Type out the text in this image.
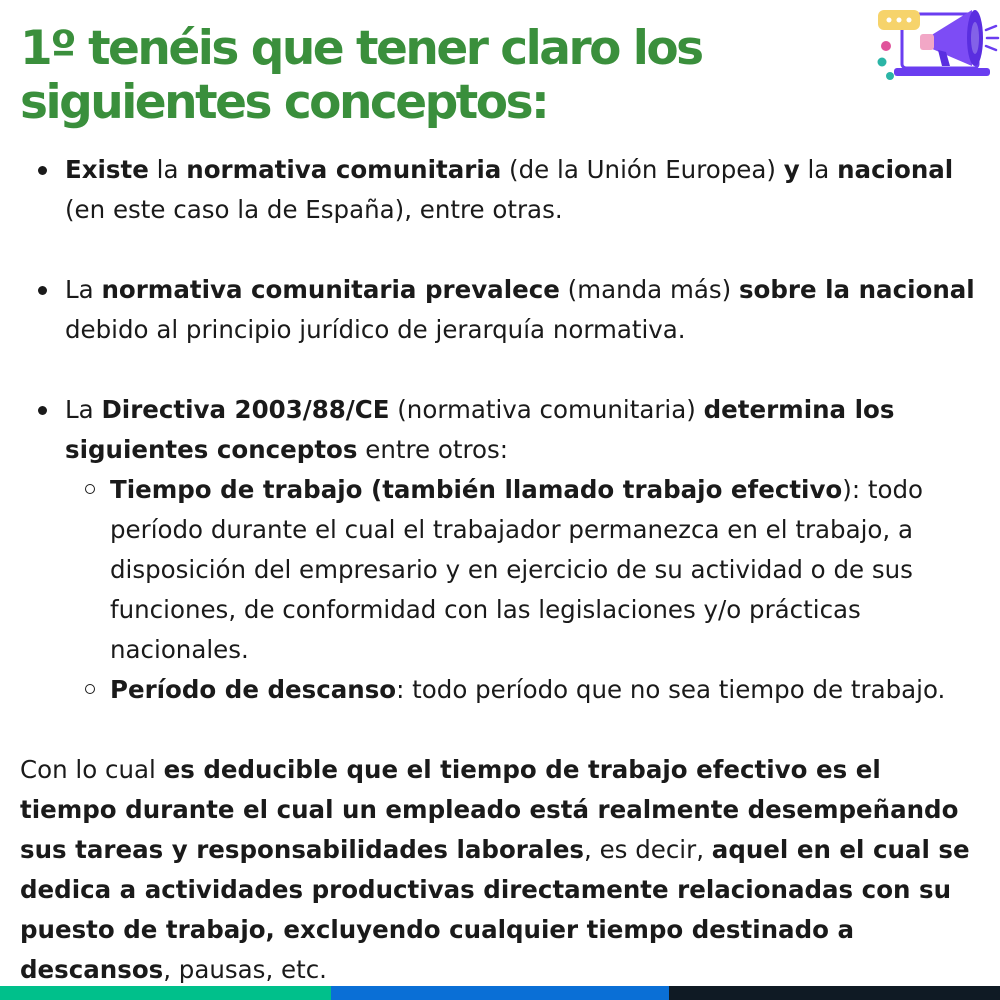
1º tenéis que tener claro los
siguientes conceptos:
Existe la normativa comunitaria (de la Unión Europea) y la nacional (en este caso la de España), entre otras.
La normativa comunitaria prevalece (manda más) sobre la nacional debido al principio jurídico de jerarquía normativa.
La Directiva 2003/88/CE (normativa comunitaria) determina los siguientes conceptos entre otros:
Tiempo de trabajo (también llamado trabajo efectivo): todo período durante el cual el trabajador permanezca en el trabajo, a disposición del empresario y en ejercicio de su actividad o de sus funciones, de conformidad con las legislaciones y/o prácticas nacionales.
Período de descanso: todo período que no sea tiempo de trabajo.

Con lo cual es deducible que el tiempo de trabajo efectivo es el tiempo durante el cual un empleado está realmente desempeñando sus tareas y responsabilidades laborales, es decir, aquel en el cual se dedica a actividades productivas directamente relacionadas con su puesto de trabajo, excluyendo cualquier tiempo destinado a descansos, pausas, etc.
